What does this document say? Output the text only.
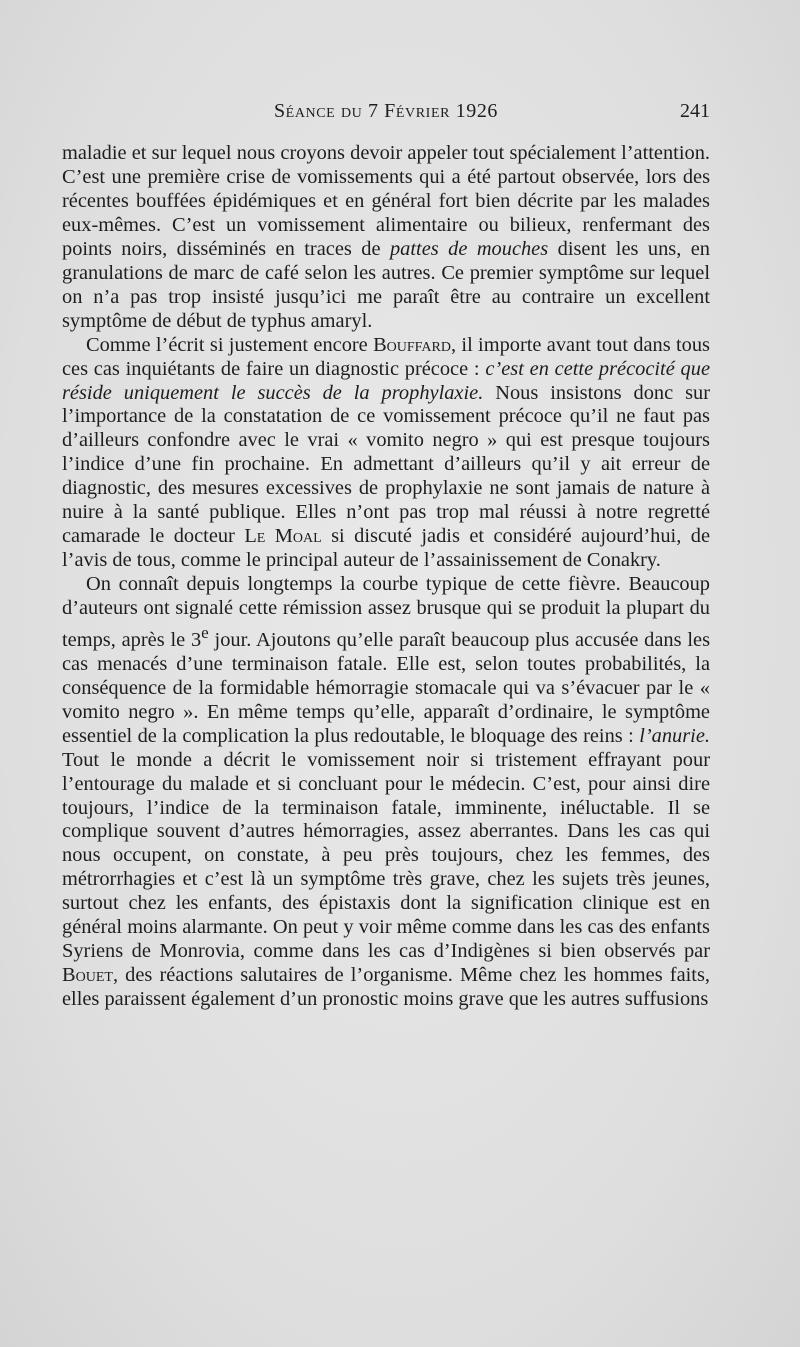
Séance du 7 Février 1926	241

maladie et sur lequel nous croyons devoir appeler tout spécialement l’attention. C’est une première crise de vomissements qui a été partout observée, lors des récentes bouffées épidémiques et en général fort bien décrite par les malades eux-mêmes. C’est un vomissement alimentaire ou bilieux, renfermant des points noirs, disséminés en traces de pattes de mouches disent les uns, en granulations de marc de café selon les autres. Ce premier symptôme sur lequel on n’a pas trop insisté jusqu’ici me paraît être au contraire un excellent symptôme de début de typhus amaryl.

Comme l’écrit si justement encore Bouffard, il importe avant tout dans tous ces cas inquiétants de faire un diagnostic précoce : c’est en cette précocité que réside uniquement le succès de la prophylaxie. Nous insistons donc sur l’importance de la constatation de ce vomissement précoce qu’il ne faut pas d’ailleurs confondre avec le vrai « vomito negro » qui est presque toujours l’indice d’une fin prochaine. En admettant d’ailleurs qu’il y ait erreur de diagnostic, des mesures excessives de prophylaxie ne sont jamais de nature à nuire à la santé publique. Elles n’ont pas trop mal réussi à notre regretté camarade le docteur Le Moal si discuté jadis et considéré aujourd’hui, de l’avis de tous, comme le principal auteur de l’assainissement de Conakry.

On connaît depuis longtemps la courbe typique de cette fièvre. Beaucoup d’auteurs ont signalé cette rémission assez brusque qui se produit la plupart du temps, après le 3e jour. Ajoutons qu’elle paraît beaucoup plus accusée dans les cas menacés d’une terminaison fatale. Elle est, selon toutes probabilités, la conséquence de la formidable hémorragie stomacale qui va s’évacuer par le « vomito negro ». En même temps qu’elle, apparaît d’ordinaire, le symptôme essentiel de la complication la plus redoutable, le bloquage des reins : l’anurie. Tout le monde a décrit le vomissement noir si tristement effrayant pour l’entourage du malade et si concluant pour le médecin. C’est, pour ainsi dire toujours, l’indice de la terminaison fatale, imminente, inéluctable. Il se complique souvent d’autres hémorragies, assez aberrantes. Dans les cas qui nous occupent, on constate, à peu près toujours, chez les femmes, des métrorrhagies et c’est là un symptôme très grave, chez les sujets très jeunes, surtout chez les enfants, des épistaxis dont la signification clinique est en général moins alarmante. On peut y voir même comme dans les cas des enfants Syriens de Monrovia, comme dans les cas d’Indigènes si bien observés par Bouet, des réactions salutaires de l’organisme. Même chez les hommes faits, elles paraissent également d’un pronostic moins grave que les autres suffusions
